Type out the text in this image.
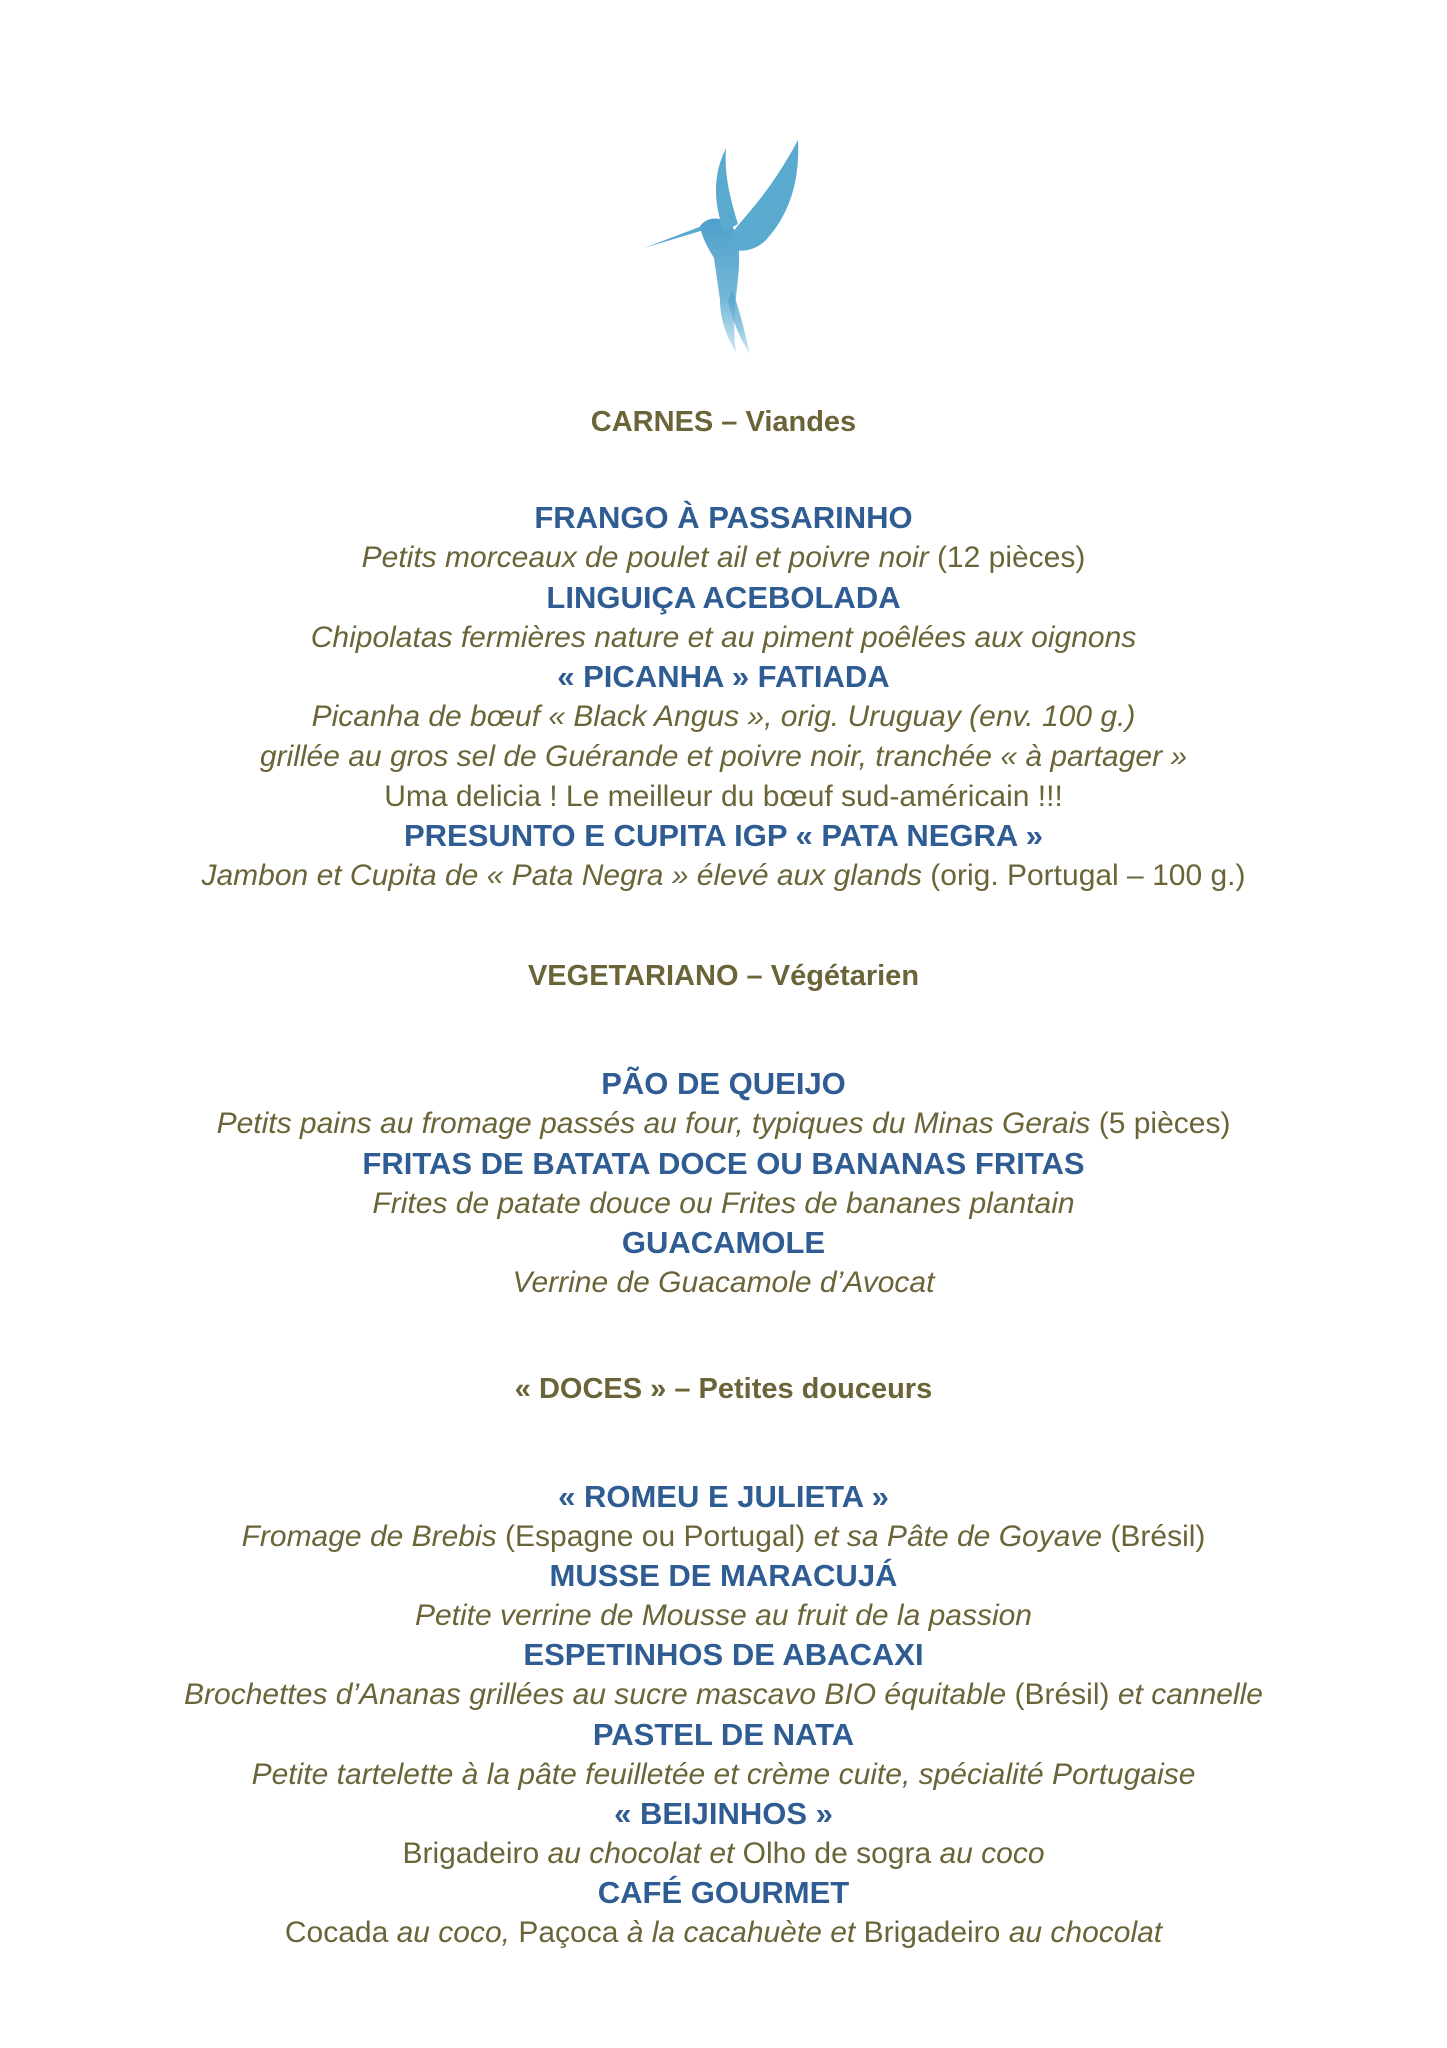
CARNES – Viandes
FRANGO À PASSARINHO
Petits morceaux de poulet ail et poivre noir (12 pièces)
LINGUIÇA ACEBOLADA
Chipolatas fermières nature et au piment poêlées aux oignons
« PICANHA » FATIADA
Picanha de bœuf « Black Angus », orig. Uruguay (env. 100 g.)
grillée au gros sel de Guérande et poivre noir, tranchée « à partager »
Uma delicia ! Le meilleur du bœuf sud-américain !!!
PRESUNTO E CUPITA IGP « PATA NEGRA »
Jambon et Cupita de « Pata Negra » élevé aux glands (orig. Portugal – 100 g.)
VEGETARIANO – Végétarien
PÃO DE QUEIJO
Petits pains au fromage passés au four, typiques du Minas Gerais (5 pièces)
FRITAS DE BATATA DOCE OU BANANAS FRITAS
Frites de patate douce ou Frites de bananes plantain
GUACAMOLE
Verrine de Guacamole d’Avocat
« DOCES » – Petites douceurs
« ROMEU E JULIETA »
Fromage de Brebis (Espagne ou Portugal) et sa Pâte de Goyave (Brésil)
MUSSE DE MARACUJÁ
Petite verrine de Mousse au fruit de la passion
ESPETINHOS DE ABACAXI
Brochettes d’Ananas grillées au sucre mascavo BIO équitable (Brésil) et cannelle
PASTEL DE NATA
Petite tartelette à la pâte feuilletée et crème cuite, spécialité Portugaise
« BEIJINHOS »
Brigadeiro au chocolat et Olho de sogra au coco
CAFÉ GOURMET
Cocada au coco, Paçoca à la cacahuète et Brigadeiro au chocolat
